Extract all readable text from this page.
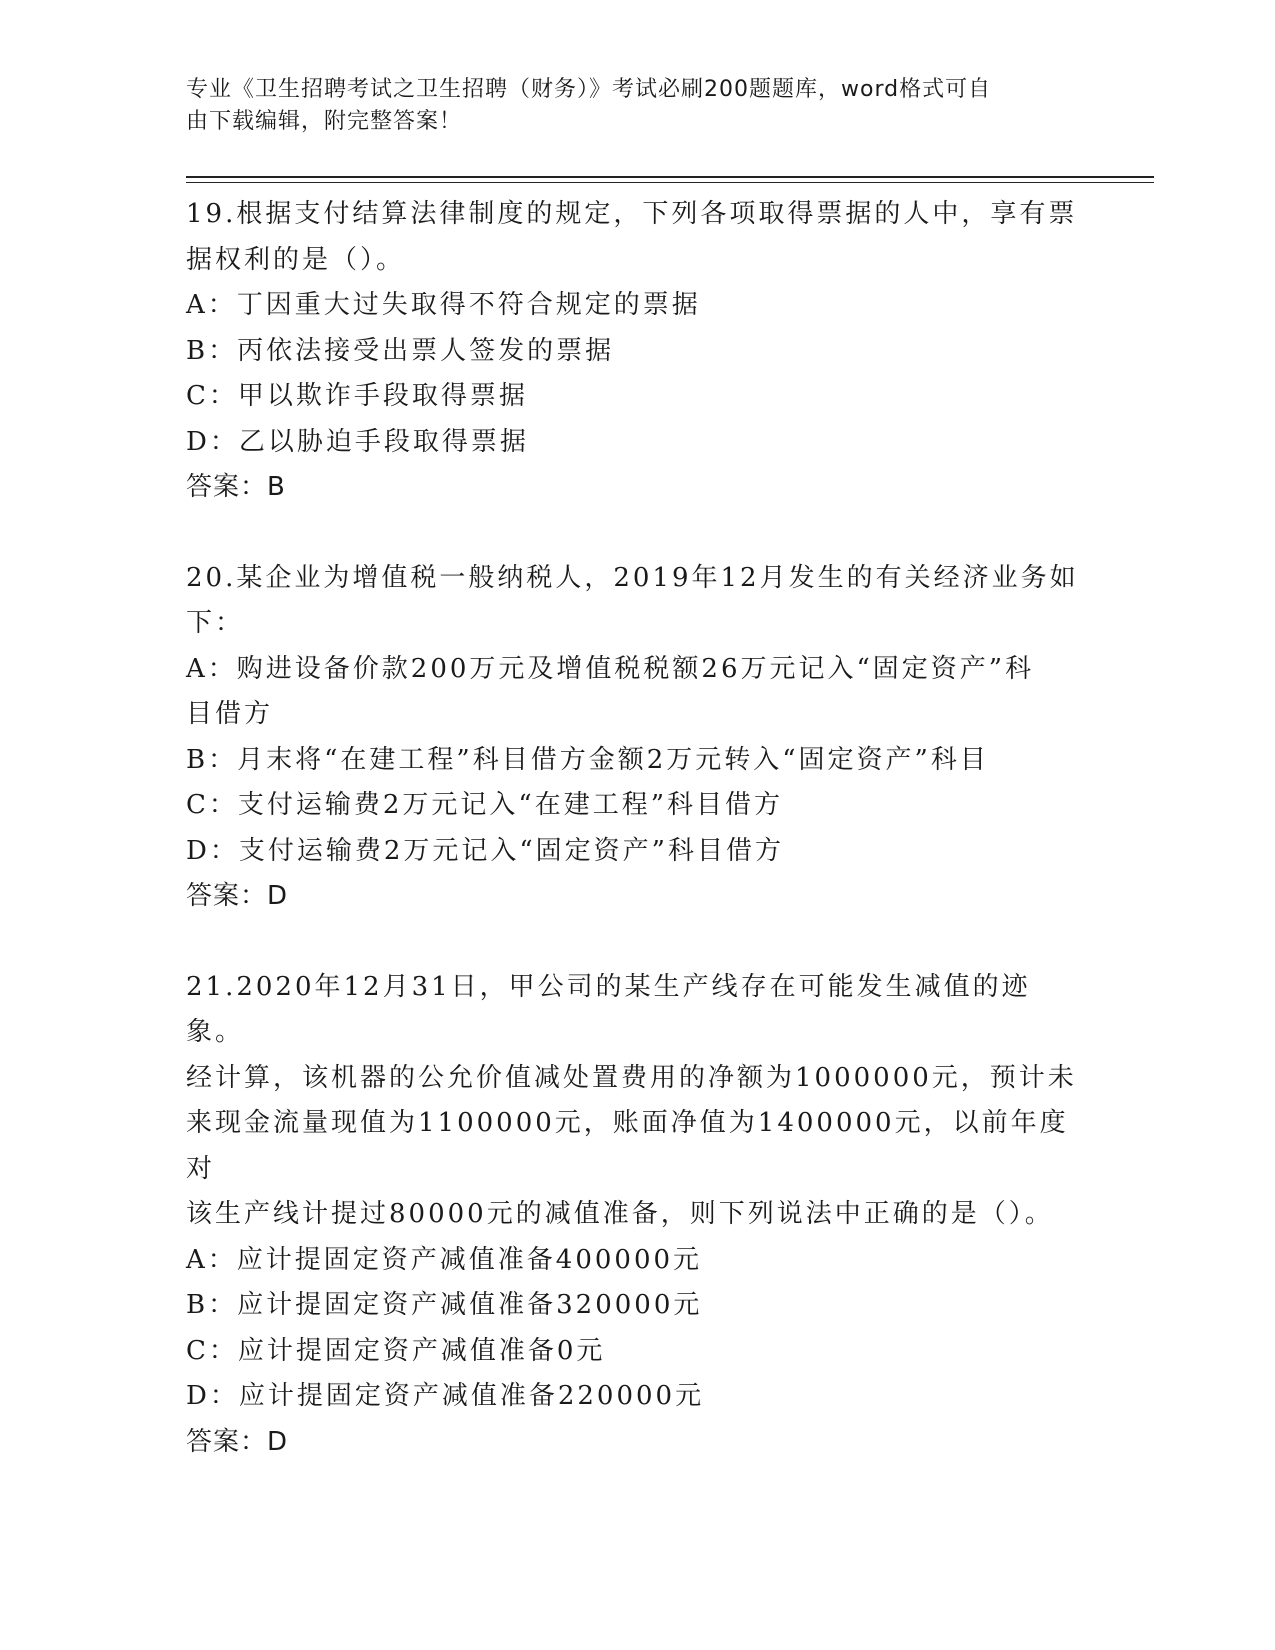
专业《卫生招聘考试之卫生招聘（财务）》考试必刷200题题库，word格式可自
由下载编辑，附完整答案！
19.根据支付结算法律制度的规定，下列各项取得票据的人中，享有票
据权利的是（）。
A：丁因重大过失取得不符合规定的票据
B：丙依法接受出票人签发的票据
C：甲以欺诈手段取得票据
D：乙以胁迫手段取得票据
答案：B
20.某企业为增值税一般纳税人，2019年12月发生的有关经济业务如
下：
A：购进设备价款200万元及增值税税额26万元记入“固定资产”科
目借方
B：月末将“在建工程”科目借方金额2万元转入“固定资产”科目
C：支付运输费2万元记入“在建工程”科目借方
D：支付运输费2万元记入“固定资产”科目借方
答案：D
21.2020年12月31日，甲公司的某生产线存在可能发生减值的迹象。
经计算，该机器的公允价值减处置费用的净额为1000000元，预计未
来现金流量现值为1100000元，账面净值为1400000元，以前年度对
该生产线计提过80000元的减值准备，则下列说法中正确的是（）。
A：应计提固定资产减值准备400000元
B：应计提固定资产减值准备320000元
C：应计提固定资产减值准备0元
D：应计提固定资产减值准备220000元
答案：D
